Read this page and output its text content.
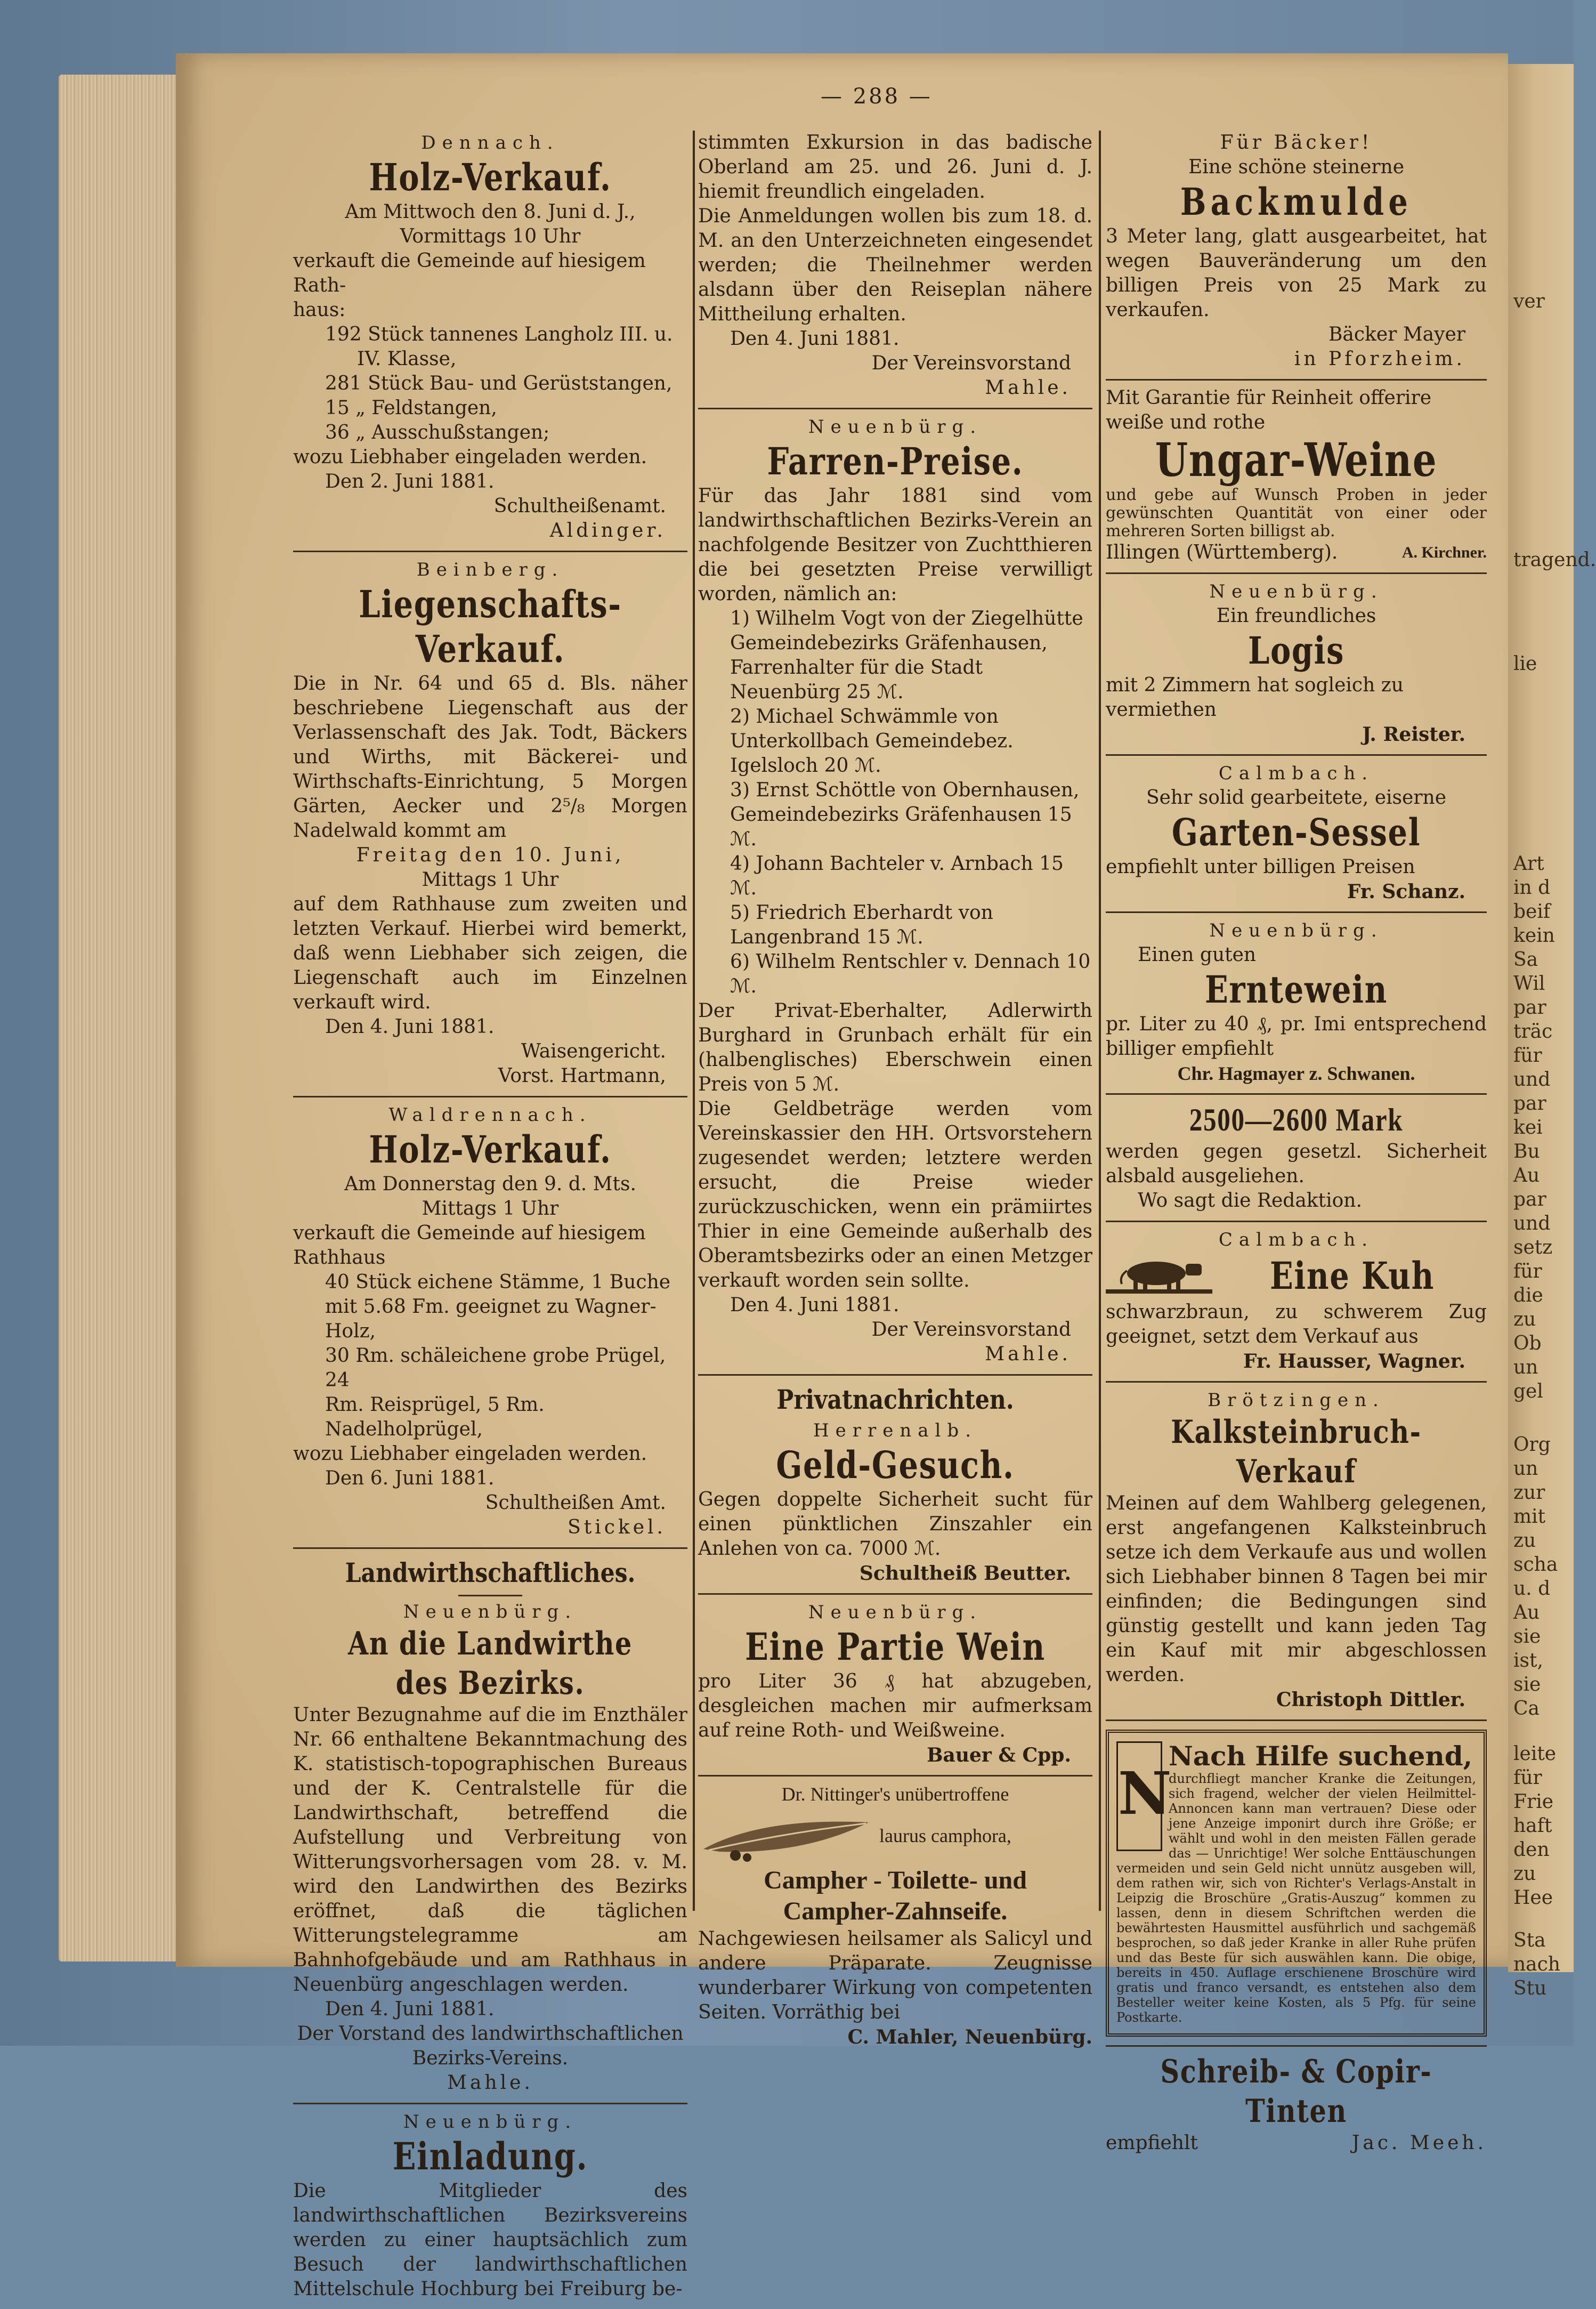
ver
tragend.
lie
Art
in d
beif
kein
Sa
Wil
par
träc
für
und
par
kei
Bu
Au
par
und
setz
für
die
zu
Ob
un
gel
Org
un
zur
mit
zu
scha
u. d
Au
sie
ist,
sie
Ca
leite
für
Frie
haft
den
zu
Hee
Sta
nach
Stu
— 288 —
Dennach.
Holz-Verkauf.
Am Mittwoch den 8. Juni d. J.,
Vormittags 10 Uhr
verkauft die Gemeinde auf hiesigem Rath-
haus:
192 Stück tannenes Langholz III. u.
IV. Klasse,
281 Stück Bau- und Gerüststangen,
15 „ Feldstangen,
36 „ Ausschußstangen;
wozu Liebhaber eingeladen werden.
Den 2. Juni 1881.
Schultheißenamt.
Aldinger.
Beinberg.
Liegenschafts-Verkauf.
Die in Nr. 64 und 65 d. Bls. näher beschriebene Liegenschaft aus der Verlassenschaft des Jak. Todt, Bäckers und Wirths, mit Bäckerei- und Wirthschafts-Einrichtung, 5 Morgen Gärten, Aecker und 2⁵/₈ Morgen Nadelwald kommt am
Freitag den 10. Juni,
Mittags 1 Uhr
auf dem Rathhause zum zweiten und letzten Verkauf. Hierbei wird bemerkt, daß wenn Liebhaber sich zeigen, die Liegenschaft auch im Einzelnen verkauft wird.
Den 4. Juni 1881.
Waisengericht.
Vorst. Hartmann,
Waldrennach.
Holz-Verkauf.
Am Donnerstag den 9. d. Mts.
Mittags 1 Uhr
verkauft die Gemeinde auf hiesigem Rathhaus
40 Stück eichene Stämme, 1 Buche
mit 5.68 Fm. geeignet zu Wagner-Holz,
30 Rm. schäleichene grobe Prügel, 24
Rm. Reisprügel, 5 Rm. Nadelholprügel,
wozu Liebhaber eingeladen werden.
Den 6. Juni 1881.
Schultheißen Amt.
Stickel.
Landwirthschaftliches.
Neuenbürg.
An die Landwirthe des Bezirks.
Unter Bezugnahme auf die im Enzthäler Nr. 66 enthaltene Bekanntmachung des K. statistisch-topographischen Bureaus und der K. Centralstelle für die Landwirthschaft, betreffend die Aufstellung und Verbreitung von Witterungsvorhersagen vom 28. v. M. wird den Landwirthen des Bezirks eröffnet, daß die täglichen Witterungstelegramme am Bahnhofgebäude und am Rathhaus in Neuenbürg angeschlagen werden.
Den 4. Juni 1881.
Der Vorstand des landwirthschaftlichen
Bezirks-Vereins.
Mahle.
Neuenbürg.
Einladung.
Die Mitglieder des landwirthschaftlichen Bezirksvereins werden zu einer hauptsächlich zum Besuch der landwirthschaftlichen Mittelschule Hochburg bei Freiburg be-
stimmten Exkursion in das badische Oberland am 25. und 26. Juni d. J. hiemit freundlich eingeladen.
Die Anmeldungen wollen bis zum 18. d. M. an den Unterzeichneten eingesendet werden; die Theilnehmer werden alsdann über den Reiseplan nähere Mittheilung erhalten.
Den 4. Juni 1881.
Der Vereinsvorstand
Mahle.
Neuenbürg.
Farren-Preise.
Für das Jahr 1881 sind vom landwirthschaftlichen Bezirks-Verein an nachfolgende Besitzer von Zuchtthieren die bei gesetzten Preise verwilligt worden, nämlich an:
1) Wilhelm Vogt von der Ziegelhütte Gemeindebezirks Gräfenhausen, Farrenhalter für die Stadt Neuenbürg 25 ℳ.
2) Michael Schwämmle von Unterkollbach Gemeindebez. Igelsloch 20 ℳ.
3) Ernst Schöttle von Obernhausen, Gemeindebezirks Gräfenhausen 15 ℳ.
4) Johann Bachteler v. Arnbach 15 ℳ.
5) Friedrich Eberhardt von Langenbrand 15 ℳ.
6) Wilhelm Rentschler v. Dennach 10 ℳ.
Der Privat-Eberhalter, Adlerwirth Burghard in Grunbach erhält für ein (halbenglisches) Eberschwein einen Preis von 5 ℳ.
Die Geldbeträge werden vom Vereinskassier den HH. Ortsvorstehern zugesendet werden; letztere werden ersucht, die Preise wieder zurückzuschicken, wenn ein prämiirtes Thier in eine Gemeinde außerhalb des Oberamtsbezirks oder an einen Metzger verkauft worden sein sollte.
Den 4. Juni 1881.
Der Vereinsvorstand
Mahle.
Privatnachrichten.
Herrenalb.
Geld-Gesuch.
Gegen doppelte Sicherheit sucht für einen pünktlichen Zinszahler ein Anlehen von ca. 7000 ℳ.
Schultheiß Beutter.
Neuenbürg.
Eine Partie Wein
pro Liter 36 ₰ hat abzugeben, desgleichen machen mir aufmerksam auf reine Roth- und Weißweine.
Bauer & Cpp.
Dr. Nittinger's unübertroffene
laurus camphora,
Campher - Toilette- und
Campher-Zahnseife.
Nachgewiesen heilsamer als Salicyl und andere Präparate. Zeugnisse wunderbarer Wirkung von competenten Seiten. Vorräthig bei
C. Mahler, Neuenbürg.
Für Bäcker!
Eine schöne steinerne
Backmulde
3 Meter lang, glatt ausgearbeitet, hat wegen Bauveränderung um den billigen Preis von 25 Mark zu verkaufen.
Bäcker Mayer
in Pforzheim.
Mit Garantie für Reinheit offerire weiße und rothe
Ungar-Weine
und gebe auf Wunsch Proben in jeder gewünschten Quantität von einer oder mehreren Sorten billigst ab.
Illingen (Württemberg).	A. Kirchner.
Neuenbürg.
Ein freundliches
Logis
mit 2 Zimmern hat sogleich zu vermiethen
J. Reister.
Calmbach.
Sehr solid gearbeitete, eiserne
Garten-Sessel
empfiehlt unter billigen Preisen
Fr. Schanz.
Neuenbürg.
Einen guten
Erntewein
pr. Liter zu 40 ₰, pr. Imi entsprechend billiger empfiehlt
Chr. Hagmayer z. Schwanen.
2500—2600 Mark
werden gegen gesetzl. Sicherheit alsbald ausgeliehen.
Wo sagt die Redaktion.
Calmbach.
Eine Kuh
schwarzbraun, zu schwerem Zug geeignet, setzt dem Verkauf aus
Fr. Hausser, Wagner.
Brötzingen.
Kalksteinbruch-Verkauf
Meinen auf dem Wahlberg gelegenen, erst angefangenen Kalksteinbruch setze ich dem Verkaufe aus und wollen sich Liebhaber binnen 8 Tagen bei mir einfinden; die Bedingungen sind günstig gestellt und kann jeden Tag ein Kauf mit mir abgeschlossen werden.
Christoph Dittler.
N
Nach Hilfe suchend,
durchfliegt mancher Kranke die Zeitungen, sich fragend, welcher der vielen Heilmittel-Annoncen kann man vertrauen? Diese oder jene Anzeige imponirt durch ihre Größe; er wählt und wohl in den meisten Fällen gerade das — Unrichtige! Wer solche Enttäuschungen vermeiden und sein Geld nicht unnütz ausgeben will, dem rathen wir, sich von Richter's Verlags-Anstalt in Leipzig die Broschüre „Gratis-Auszug“ kommen zu lassen, denn in diesem Schriftchen werden die bewährtesten Hausmittel ausführlich und sachgemäß besprochen, so daß jeder Kranke in aller Ruhe prüfen und das Beste für sich auswählen kann. Die obige, bereits in 450. Auflage erschienene Broschüre wird gratis und franco versandt, es entstehen also dem Besteller weiter keine Kosten, als 5 Pfg. für seine Postkarte.
Schreib- & Copir-Tinten
empfiehlt	Jac. Meeh.
